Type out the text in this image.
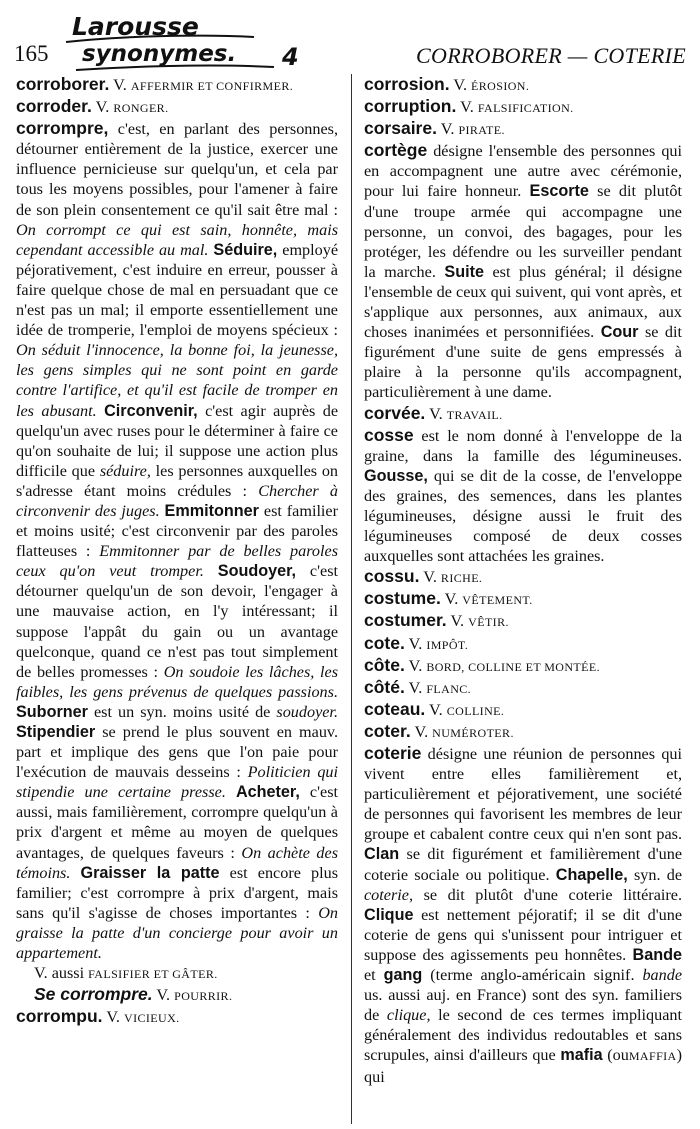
165
Larousse
synonymes. 4	CORROBORER — COTERIE

corroborer. V. AFFERMIR ET CONFIRMER.

corroder. V. RONGER.

corrompre, c'est, en parlant des personnes, détourner entièrement de la justice, exercer une influence pernicieuse sur quelqu'un, et cela par tous les moyens possibles, pour l'amener à faire de son plein consentement ce qu'il sait être mal : On corrompt ce qui est sain, honnête, mais cependant accessible au mal. Séduire, employé péjorativement, c'est induire en erreur, pousser à faire quelque chose de mal en persuadant que ce n'est pas un mal; il emporte essentiellement une idée de tromperie, l'emploi de moyens spécieux : On séduit l'innocence, la bonne foi, la jeunesse, les gens simples qui ne sont point en garde contre l'artifice, et qu'il est facile de tromper en les abusant. Circonvenir, c'est agir auprès de quelqu'un avec ruses pour le déterminer à faire ce qu'on souhaite de lui; il suppose une action plus difficile que séduire, les personnes auxquelles on s'adresse étant moins crédules : Chercher à circonvenir des juges. Emmitonner est familier et moins usité; c'est circonvenir par des paroles flatteuses : Emmitonner par de belles paroles ceux qu'on veut tromper. Soudoyer, c'est détourner quelqu'un de son devoir, l'engager à une mauvaise action, en l'y intéressant; il suppose l'appât du gain ou un avantage quelconque, quand ce n'est pas tout simplement de belles promesses : On soudoie les lâches, les faibles, les gens prévenus de quelques passions. Suborner est un syn. moins usité de soudoyer. Stipendier se prend le plus souvent en mauv. part et implique des gens que l'on paie pour l'exécution de mauvais desseins : Politicien qui stipendie une certaine presse. Acheter, c'est aussi, mais familièrement, corrompre quelqu'un à prix d'argent et même au moyen de quelques avantages, de quelques faveurs : On achète des témoins. Graisser la patte est encore plus familier; c'est corrompre à prix d'argent, mais sans qu'il s'agisse de choses importantes : On graisse la patte d'un concierge pour avoir un appartement.

V. aussi FALSIFIER ET GÂTER.

Se corrompre. V. POURRIR.

corrompu. V. VICIEUX.

corrosion. V. ÉROSION.

corruption. V. FALSIFICATION.

corsaire. V. PIRATE.

cortège désigne l'ensemble des personnes qui en accompagnent une autre avec cérémonie, pour lui faire honneur. Escorte se dit plutôt d'une troupe armée qui accompagne une personne, un convoi, des bagages, pour les protéger, les défendre ou les surveiller pendant la marche. Suite est plus général; il désigne l'ensemble de ceux qui suivent, qui vont après, et s'applique aux personnes, aux animaux, aux choses inanimées et personnifiées. Cour se dit figurément d'une suite de gens empressés à plaire à la personne qu'ils accompagnent, particulièrement à une dame.

corvée. V. TRAVAIL.

cosse est le nom donné à l'enveloppe de la graine, dans la famille des légumineuses. Gousse, qui se dit de la cosse, de l'enveloppe des graines, des semences, dans les plantes légumineuses, désigne aussi le fruit des légumineuses composé de deux cosses auxquelles sont attachées les graines.

cossu. V. RICHE.

costume. V. VÊTEMENT.

costumer. V. VÊTIR.

cote. V. IMPÔT.

côte. V. BORD, COLLINE ET MONTÉE.

côté. V. FLANC.

coteau. V. COLLINE.

coter. V. NUMÉROTER.

coterie désigne une réunion de personnes qui vivent entre elles familièrement et, particulièrement et péjorativement, une société de personnes qui favorisent les membres de leur groupe et cabalent contre ceux qui n'en sont pas. Clan se dit figurément et familièrement d'une coterie sociale ou politique. Chapelle, syn. de coterie, se dit plutôt d'une coterie littéraire. Clique est nettement péjoratif; il se dit d'une coterie de gens qui s'unissent pour intriguer et suppose des agissements peu honnêtes. Bande et gang (terme anglo-américain signif. bande us. aussi auj. en France) sont des syn. familiers de clique, le second de ces termes impliquant généralement des individus redoutables et sans scrupules, ainsi d'ailleurs que mafia (ouMAFFIA) qui
